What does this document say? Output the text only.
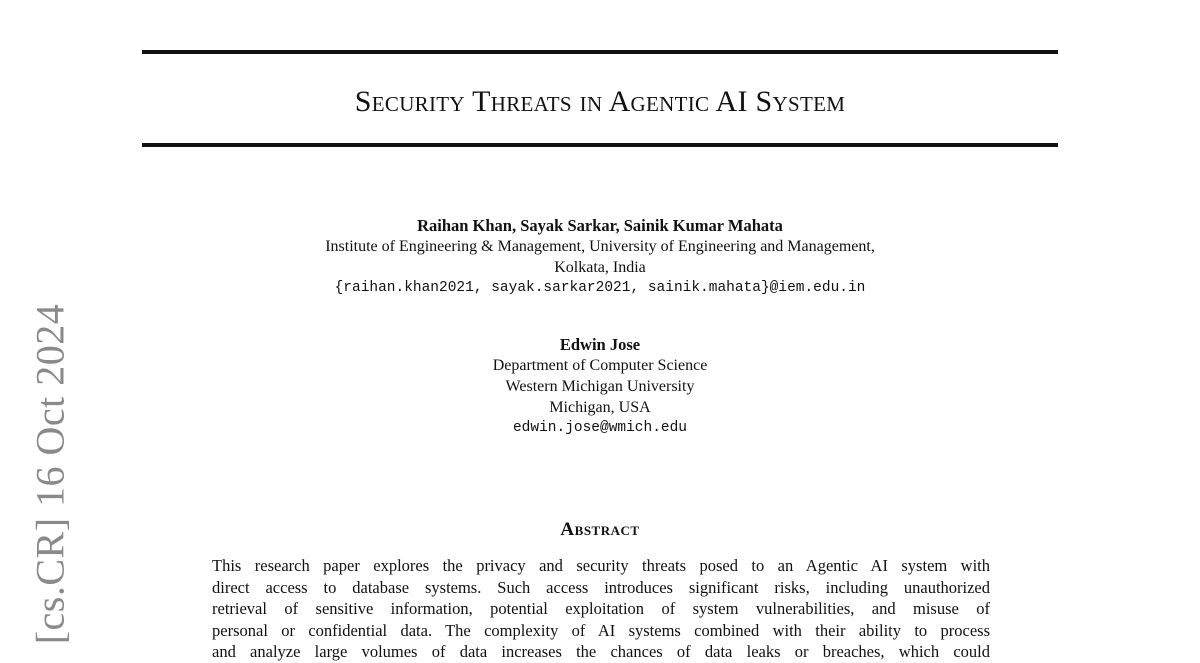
[cs.CR] 16 Oct 2024
Security Threats in Agentic AI System
Raihan Khan, Sayak Sarkar, Sainik Kumar Mahata
Institute of Engineering & Management, University of Engineering and Management,
Kolkata, India
{raihan.khan2021, sayak.sarkar2021, sainik.mahata}@iem.edu.in
Edwin Jose
Department of Computer Science
Western Michigan University
Michigan, USA
edwin.jose@wmich.edu
Abstract
This research paper explores the privacy and security threats posed to an Agentic AI system with
direct access to database systems. Such access introduces significant risks, including unauthorized
retrieval of sensitive information, potential exploitation of system vulnerabilities, and misuse of
personal or confidential data. The complexity of AI systems combined with their ability to process
and analyze large volumes of data increases the chances of data leaks or breaches, which could
